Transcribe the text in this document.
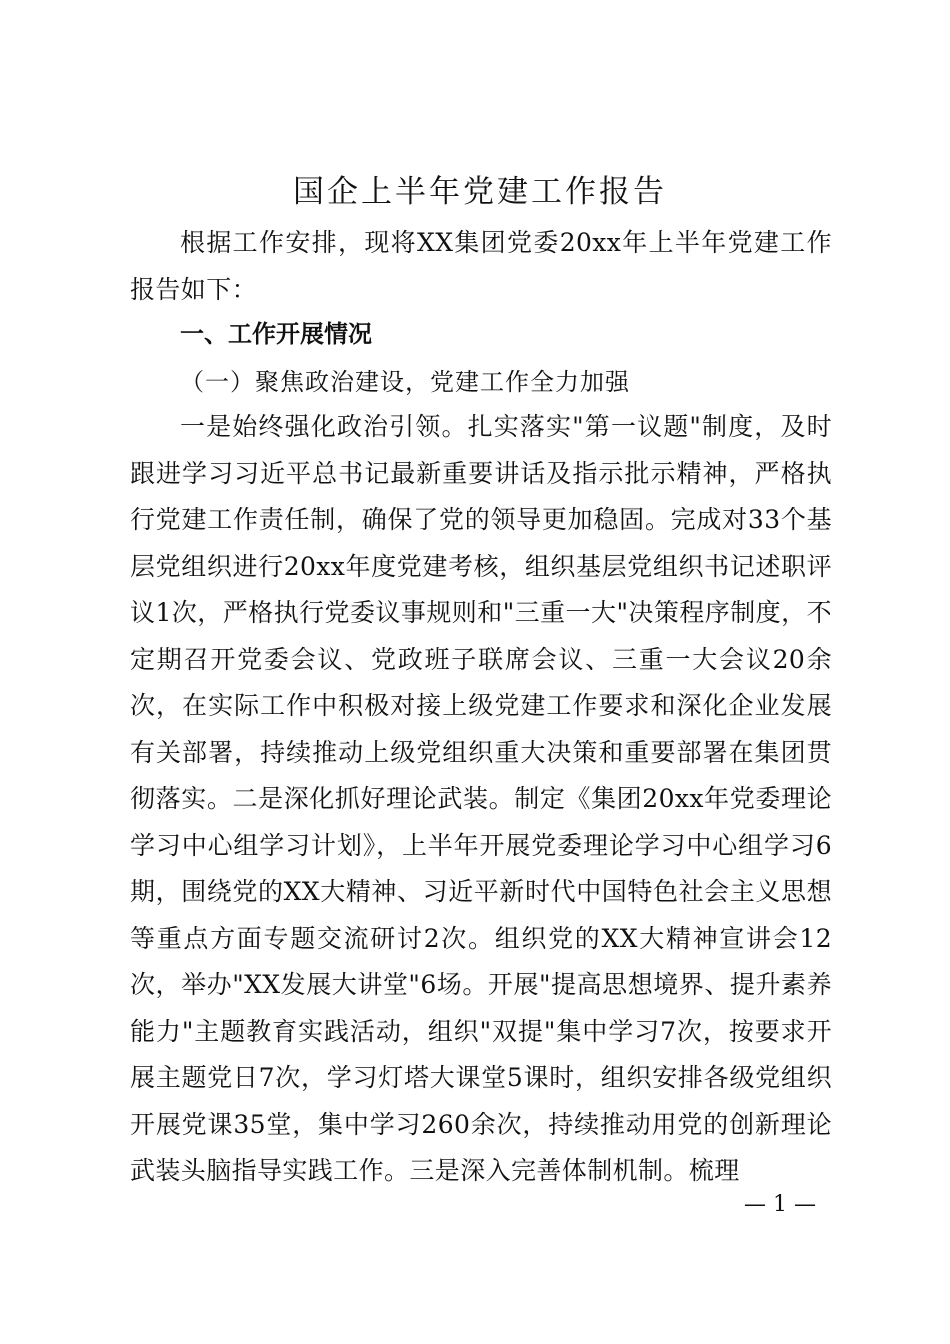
国企上半年党建工作报告

根据工作安排，现将XX集团党委20xx年上半年党建工作报告如下：

一、工作开展情况
（一）聚焦政治建设，党建工作全力加强

一是始终强化政治引领。扎实落实"第一议题"制度，及时跟进学习习近平总书记最新重要讲话及指示批示精神，严格执行党建工作责任制，确保了党的领导更加稳固。完成对33个基层党组织进行20xx年度党建考核，组织基层党组织书记述职评议1次，严格执行党委议事规则和"三重一大"决策程序制度，不定期召开党委会议、党政班子联席会议、三重一大会议20余次，在实际工作中积极对接上级党建工作要求和深化企业发展有关部署，持续推动上级党组织重大决策和重要部署在集团贯彻落实。二是深化抓好理论武装。制定《集团20xx年党委理论学习中心组学习计划》，上半年开展党委理论学习中心组学习6期，围绕党的XX大精神、习近平新时代中国特色社会主义思想等重点方面专题交流研讨2次。组织党的XX大精神宣讲会12次，举办"XX发展大讲堂"6场。开展"提高思想境界、提升素养能力"主题教育实践活动，组织"双提"集中学习7次，按要求开展主题党日7次，学习灯塔大课堂5课时，组织安排各级党组织开展党课35堂，集中学习260余次，持续推动用党的创新理论武装头脑指导实践工作。三是深入完善体制机制。梳理

— 1 —
